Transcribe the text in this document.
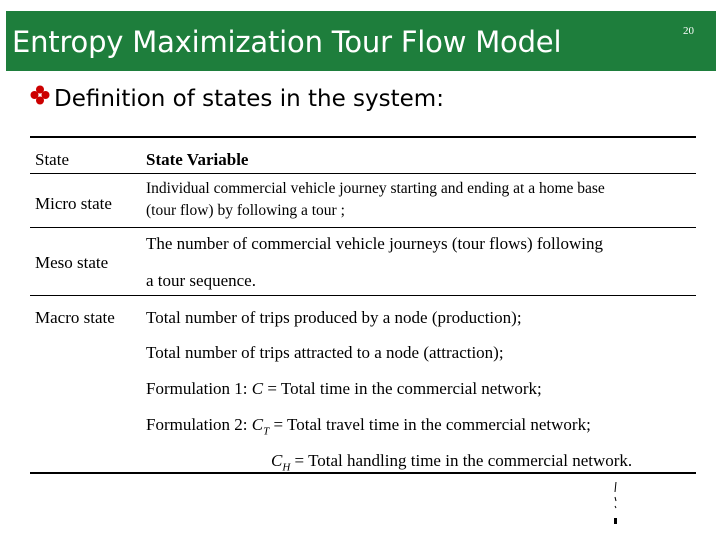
Entropy Maximization Tour Flow Model	20
Definition of states in the system:
State	State Variable
Micro state
Individual commercial vehicle journey starting and ending at a home base
(tour flow) by following a tour ;
Meso state
The number of commercial vehicle journeys (tour flows) following
a tour sequence.
Macro state Total number of trips produced by a node (production);
Total number of trips attracted to a node (attraction);
Formulation 1: C = Total time in the commercial network;
Formulation 2: $C_T$ = Total travel time in the commercial network;
$C_H$ = Total handling time in the commercial network.
